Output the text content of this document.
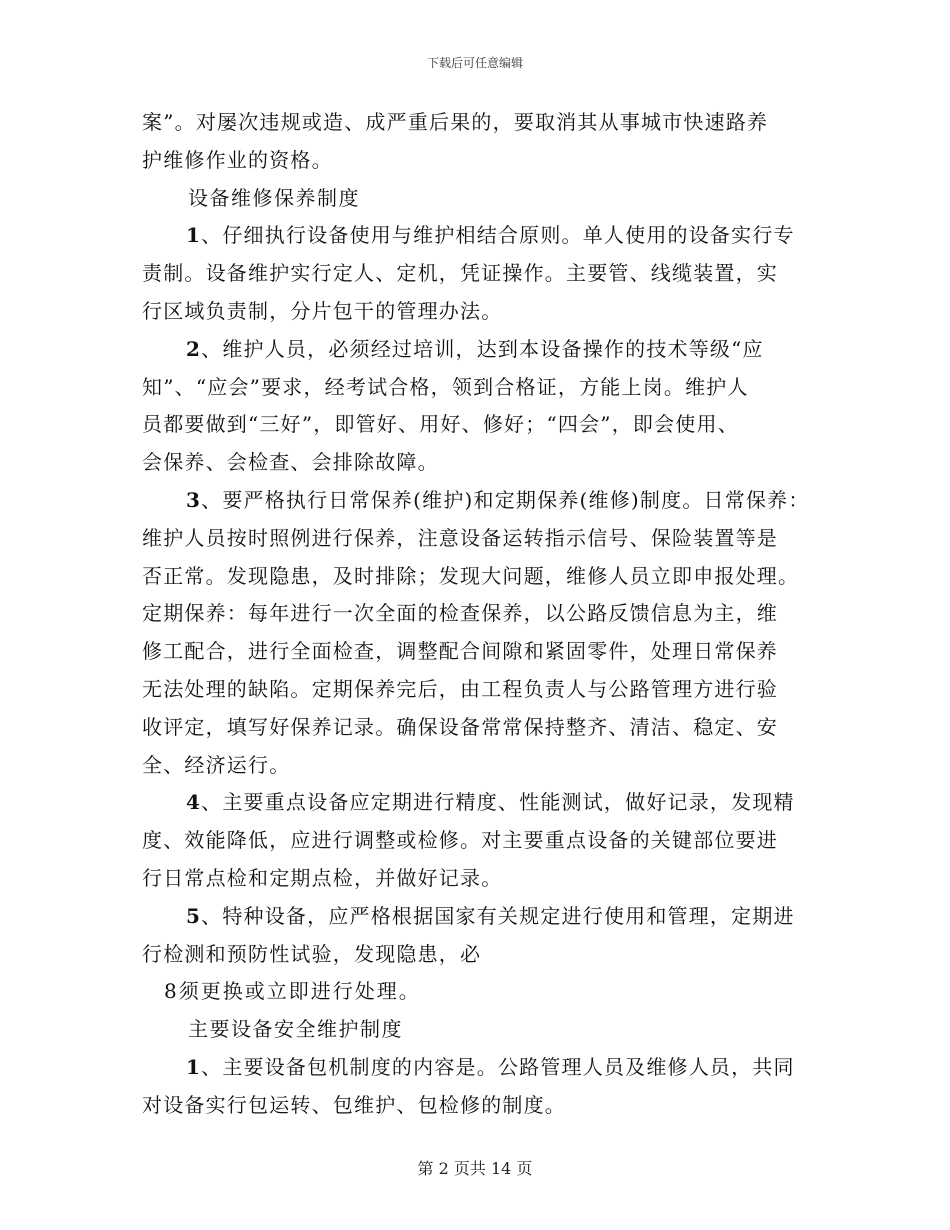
下载后可任意编辑
案”。对屡次违规或造、成严重后果的，要取消其从事城市快速路养
护维修作业的资格。
设备维修保养制度
1、仔细执行设备使用与维护相结合原则。单人使用的设备实行专
责制。设备维护实行定人、定机，凭证操作。主要管、线缆装置，实
行区域负责制，分片包干的管理办法。
2、维护人员，必须经过培训，达到本设备操作的技术等级“应
知”、“应会”要求，经考试合格，领到合格证，方能上岗。维护人
员都要做到“三好”，即管好、用好、修好；“四会”，即会使用、
会保养、会检查、会排除故障。
3、要严格执行日常保养(维护)和定期保养(维修)制度。日常保养：
维护人员按时照例进行保养，注意设备运转指示信号、保险装置等是
否正常。发现隐患，及时排除；发现大问题，维修人员立即申报处理。
定期保养：每年进行一次全面的检查保养，以公路反馈信息为主，维
修工配合，进行全面检查，调整配合间隙和紧固零件，处理日常保养
无法处理的缺陷。定期保养完后，由工程负责人与公路管理方进行验
收评定，填写好保养记录。确保设备常常保持整齐、清洁、稳定、安
全、经济运行。
4、主要重点设备应定期进行精度、性能测试，做好记录，发现精
度、效能降低，应进行调整或检修。对主要重点设备的关键部位要进
行日常点检和定期点检，并做好记录。
5、特种设备，应严格根据国家有关规定进行使用和管理，定期进
行检测和预防性试验，发现隐患，必
8须更换或立即进行处理。
主要设备安全维护制度
1、主要设备包机制度的内容是。公路管理人员及维修人员，共同
对设备实行包运转、包维护、包检修的制度。
第 2 页共 14 页
